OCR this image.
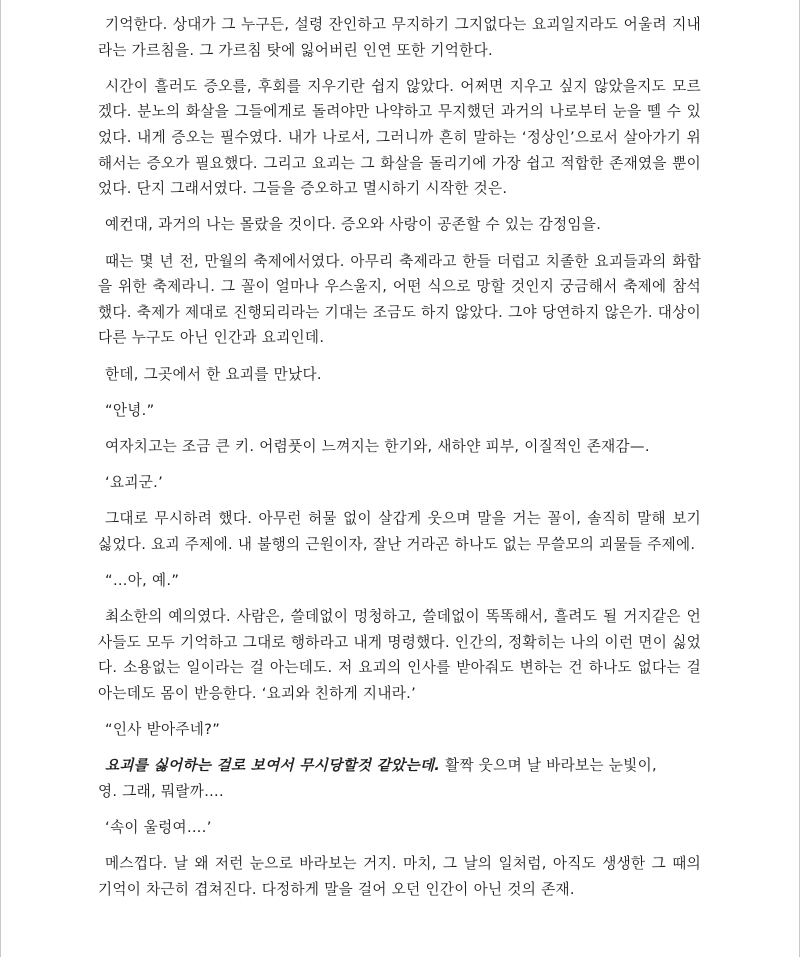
기억한다. 상대가 그 누구든, 설령 잔인하고 무지하기 그지없다는 요괴일지라도 어울려 지내라는 가르침을. 그 가르침 탓에 잃어버린 인연 또한 기억한다.

시간이 흘러도 증오를, 후회를 지우기란 쉽지 않았다. 어쩌면 지우고 싶지 않았을지도 모르겠다. 분노의 화살을 그들에게로 돌려야만 나약하고 무지했던 과거의 나로부터 눈을 뗄 수 있었다. 내게 증오는 필수였다. 내가 나로서, 그러니까 흔히 말하는 ‘정상인’으로서 살아가기 위해서는 증오가 필요했다. 그리고 요괴는 그 화살을 돌리기에 가장 쉽고 적합한 존재였을 뿐이었다. 단지 그래서였다. 그들을 증오하고 멸시하기 시작한 것은.

예컨대, 과거의 나는 몰랐을 것이다. 증오와 사랑이 공존할 수 있는 감정임을.

때는 몇 년 전, 만월의 축제에서였다. 아무리 축제라고 한들 더럽고 치졸한 요괴들과의 화합을 위한 축제라니. 그 꼴이 얼마나 우스울지, 어떤 식으로 망할 것인지 궁금해서 축제에 참석했다. 축제가 제대로 진행되리라는 기대는 조금도 하지 않았다. 그야 당연하지 않은가. 대상이 다른 누구도 아닌 인간과 요괴인데.

한데, 그곳에서 한 요괴를 만났다.

“안녕.”

여자치고는 조금 큰 키. 어렴풋이 느껴지는 한기와, 새하얀 피부, 이질적인 존재감—.

‘요괴군.’

그대로 무시하려 했다. 아무런 허물 없이 살갑게 웃으며 말을 거는 꼴이, 솔직히 말해 보기 싫었다. 요괴 주제에. 내 불행의 근원이자, 잘난 거라곤 하나도 없는 무쓸모의 괴물들 주제에.

“…아, 예.”

최소한의 예의였다. 사람은, 쓸데없이 멍청하고, 쓸데없이 똑똑해서, 흘려도 될 거지같은 언사들도 모두 기억하고 그대로 행하라고 내게 명령했다. 인간의, 정확히는 나의 이런 면이 싫었다. 소용없는 일이라는 걸 아는데도. 저 요괴의 인사를 받아줘도 변하는 건 하나도 없다는 걸 아는데도 몸이 반응한다. ‘요괴와 친하게 지내라.’

“인사 받아주네?”

요괴를 싫어하는 걸로 보여서 무시당할것 같았는데. 활짝 웃으며 날 바라보는 눈빛이,
영. 그래, 뭐랄까….

‘속이 울렁여….’

메스껍다. 날 왜 저런 눈으로 바라보는 거지. 마치, 그 날의 일처럼, 아직도 생생한 그 때의 기억이 차근히 겹쳐진다. 다정하게 말을 걸어 오던 인간이 아닌 것의 존재.
